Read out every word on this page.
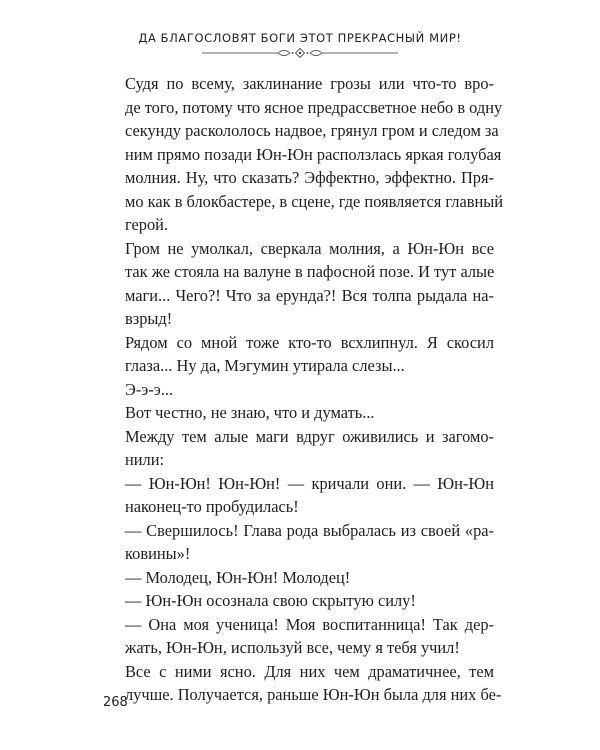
ДА БЛАГОСЛОВЯТ БОГИ ЭТОТ ПРЕКРАСНЫЙ МИР!

Судя по всему, заклинание грозы или что-то вро-
де того, потому что ясное предрассветное небо в одну
секунду раскололось надвое, грянул гром и следом за
ним прямо позади Юн-Юн расползлась яркая голубая
молния. Ну, что сказать? Эффектно, эффектно. Пря-
мо как в блокбастере, в сцене, где появляется главный
герой.

Гром не умолкал, сверкала молния, а Юн-Юн все
так же стояла на валуне в пафосной позе. И тут алые
маги... Чего?! Что за ерунда?! Вся толпа рыдала на-
взрыд!

Рядом со мной тоже кто-то всхлипнул. Я скосил
глаза... Ну да, Мэгумин утирала слезы...

Э-э-э...

Вот честно, не знаю, что и думать...

Между тем алые маги вдруг оживились и загомо-
нили:

— Юн-Юн! Юн-Юн! — кричали они. — Юн-Юн
наконец-то пробудилась!

— Свершилось! Глава рода выбралась из своей «ра-
ковины»!

— Молодец, Юн-Юн! Молодец!

— Юн-Юн осознала свою скрытую силу!

— Она моя ученица! Моя воспитанница! Так дер-
жать, Юн-Юн, используй все, чему я тебя учил!

Все с ними ясно. Для них чем драматичнее, тем
лучше. Получается, раньше Юн-Юн была для них бе-

268
